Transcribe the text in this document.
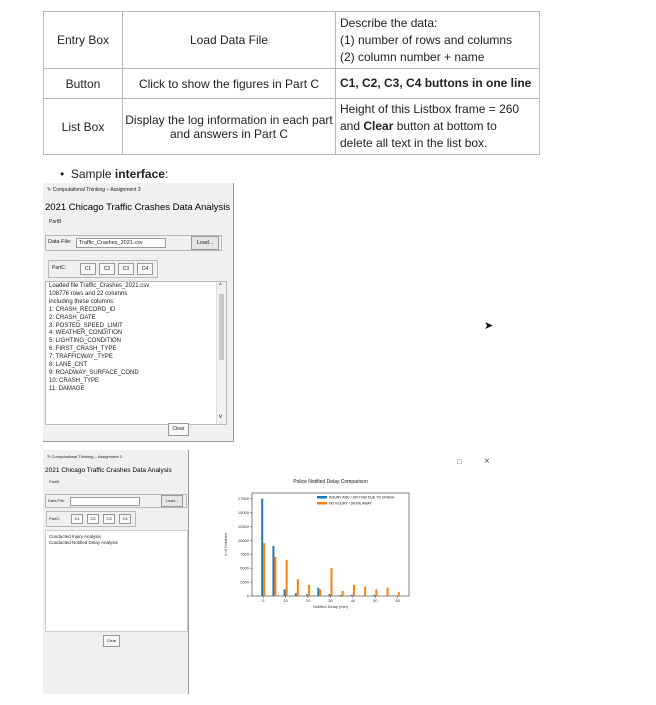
Entry Box	Load Data File	Describe the data:
(1) number of rows and columns
(2) column number + name

Button	Click to show the figures in Part C	C1, C2, C3, C4 buttons in one line
List Box	Display the log information in each part and answers in Part C	Height of this Listbox frame = 260
and Clear button at bottom to
delete all text in the list box.
•  Sample interface:
✎ Computational Thinking – Assignment 3
2021 Chicago Traffic Crashes Data Analysis
PartB
Data File:	Traffic_Crashes_2021.csv	Load...
PartC:	C1	C2	C3	C4
Loaded file Traffic_Crashes_2021.csv
108776 rows and 22 columns
including these columns:
1: CRASH_RECORD_ID
2: CRASH_DATE
3: POSTED_SPEED_LIMIT
4: WEATHER_CONDITION
5: LIGHTING_CONDITION
6: FIRST_CRASH_TYPE
7: TRAFFICWAY_TYPE
8: LANE_CNT
9: ROADWAY_SURFACE_COND
10: CRASH_TYPE
11: DAMAGE
^
v
Clear
➤
✎ Computational Thinking – Assignment 3
2021 Chicago Traffic Crashes Data Analysis
PartB
Data File:	Load...
PartC:	C1	C2	C3	C4
Conducted Injury Analysis
Conducted Notified Delay Analysis
Clear
□ ×
Police Notified Delay Comparison
0
2500
5000
7500
10000
12500
15000
17500
0	10	20	30	40	50	60
Notified Delay (min)
# of Crashes
INJURY AND / OR TOW DUE TO CRASH
NO INJURY / DRIVE AWAY
